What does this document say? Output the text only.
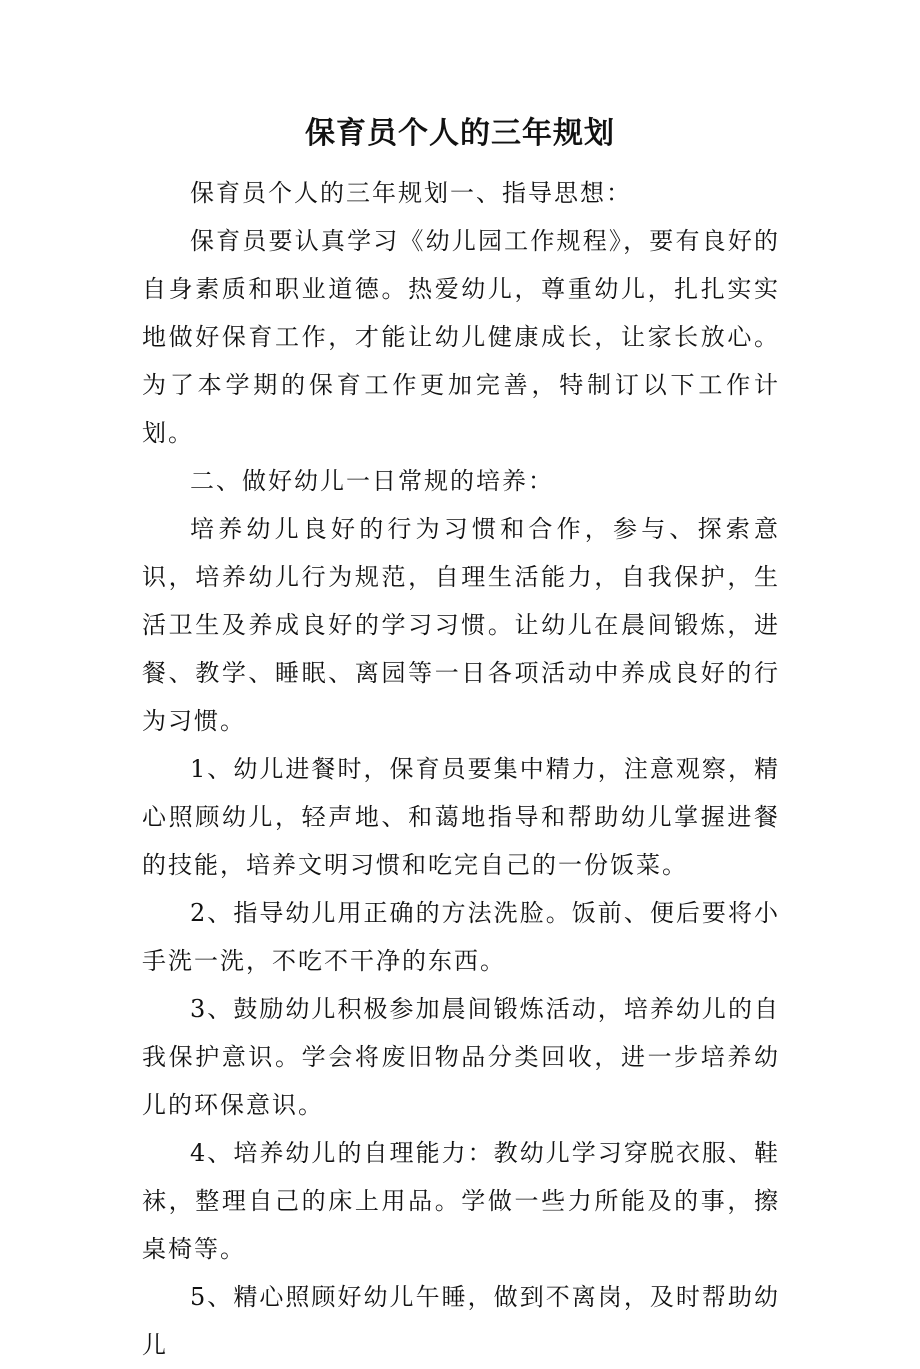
保育员个人的三年规划

保育员个人的三年规划一、指导思想：

保育员要认真学习《幼儿园工作规程》，要有良好的自身素质和职业道德。热爱幼儿，尊重幼儿，扎扎实实地做好保育工作，才能让幼儿健康成长，让家长放心。为了本学期的保育工作更加完善，特制订以下工作计划。

二、做好幼儿一日常规的培养：

培养幼儿良好的行为习惯和合作，参与、探索意识，培养幼儿行为规范，自理生活能力，自我保护，生活卫生及养成良好的学习习惯。让幼儿在晨间锻炼，进餐、教学、睡眠、离园等一日各项活动中养成良好的行为习惯。

1、幼儿进餐时，保育员要集中精力，注意观察，精心照顾幼儿，轻声地、和蔼地指导和帮助幼儿掌握进餐的技能，培养文明习惯和吃完自己的一份饭菜。

2、指导幼儿用正确的方法洗脸。饭前、便后要将小手洗一洗，不吃不干净的东西。

3、鼓励幼儿积极参加晨间锻炼活动，培养幼儿的自我保护意识。学会将废旧物品分类回收，进一步培养幼儿的环保意识。

4、培养幼儿的自理能力：教幼儿学习穿脱衣服、鞋袜，整理自己的床上用品。学做一些力所能及的事，擦桌椅等。

5、精心照顾好幼儿午睡，做到不离岗，及时帮助幼儿
